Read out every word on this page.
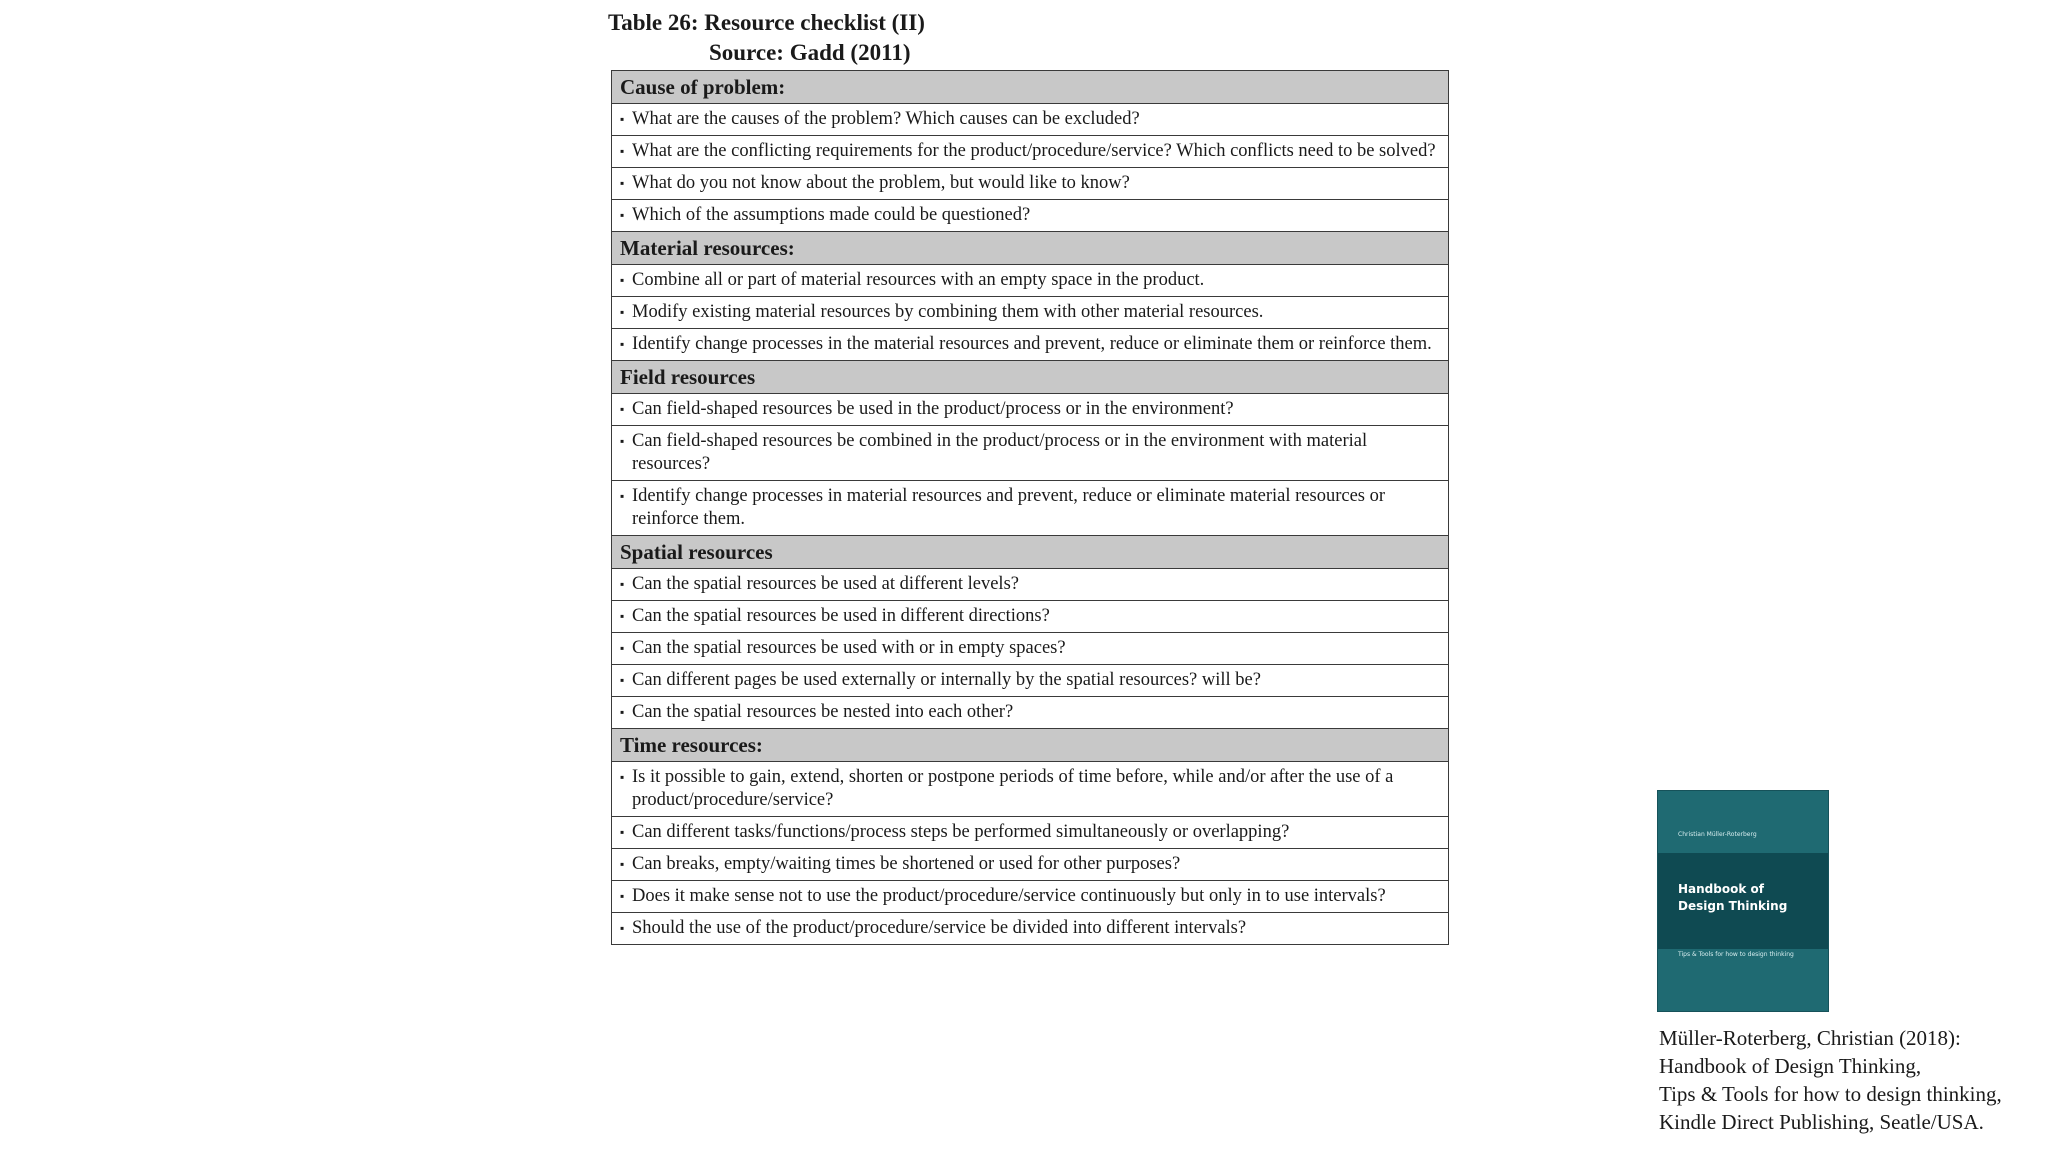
Table 26: Resource checklist (II)
Source: Gadd (2011)
Cause of problem:

▪ What are the causes of the problem? Which causes can be excluded?

▪ What are the conflicting requirements for the product/procedure/service? Which conflicts need to be solved?

▪ What do you not know about the problem, but would like to know?

▪ Which of the assumptions made could be questioned?

Material resources:

▪ Combine all or part of material resources with an empty space in the product.

▪ Modify existing material resources by combining them with other material resources.

▪ Identify change processes in the material resources and prevent, reduce or eliminate them or reinforce them.

Field resources

▪ Can field-shaped resources be used in the product/process or in the environment?

▪ Can field-shaped resources be combined in the product/process or in the environment with material resources?

▪ Identify change processes in material resources and prevent, reduce or eliminate material resources or reinforce them.

Spatial resources

▪ Can the spatial resources be used at different levels?

▪ Can the spatial resources be used in different directions?

▪ Can the spatial resources be used with or in empty spaces?

▪ Can different pages be used externally or internally by the spatial resources? will be?

▪ Can the spatial resources be nested into each other?

Time resources:

▪ Is it possible to gain, extend, shorten or postpone periods of time before, while and/or after the use of a product/procedure/service?

▪ Can different tasks/functions/process steps be performed simultaneously or overlapping?

▪ Can breaks, empty/waiting times be shortened or used for other purposes?

▪ Does it make sense not to use the product/procedure/service continuously but only in to use intervals?

▪ Should the use of the product/procedure/service be divided into different intervals?
Christian Müller-Roterberg
Handbook of
Design Thinking
Tips & Tools for how to design thinking
Müller-Roterberg, Christian (2018):
Handbook of Design Thinking,
Tips & Tools for how to design thinking,
Kindle Direct Publishing, Seatle/USA.
